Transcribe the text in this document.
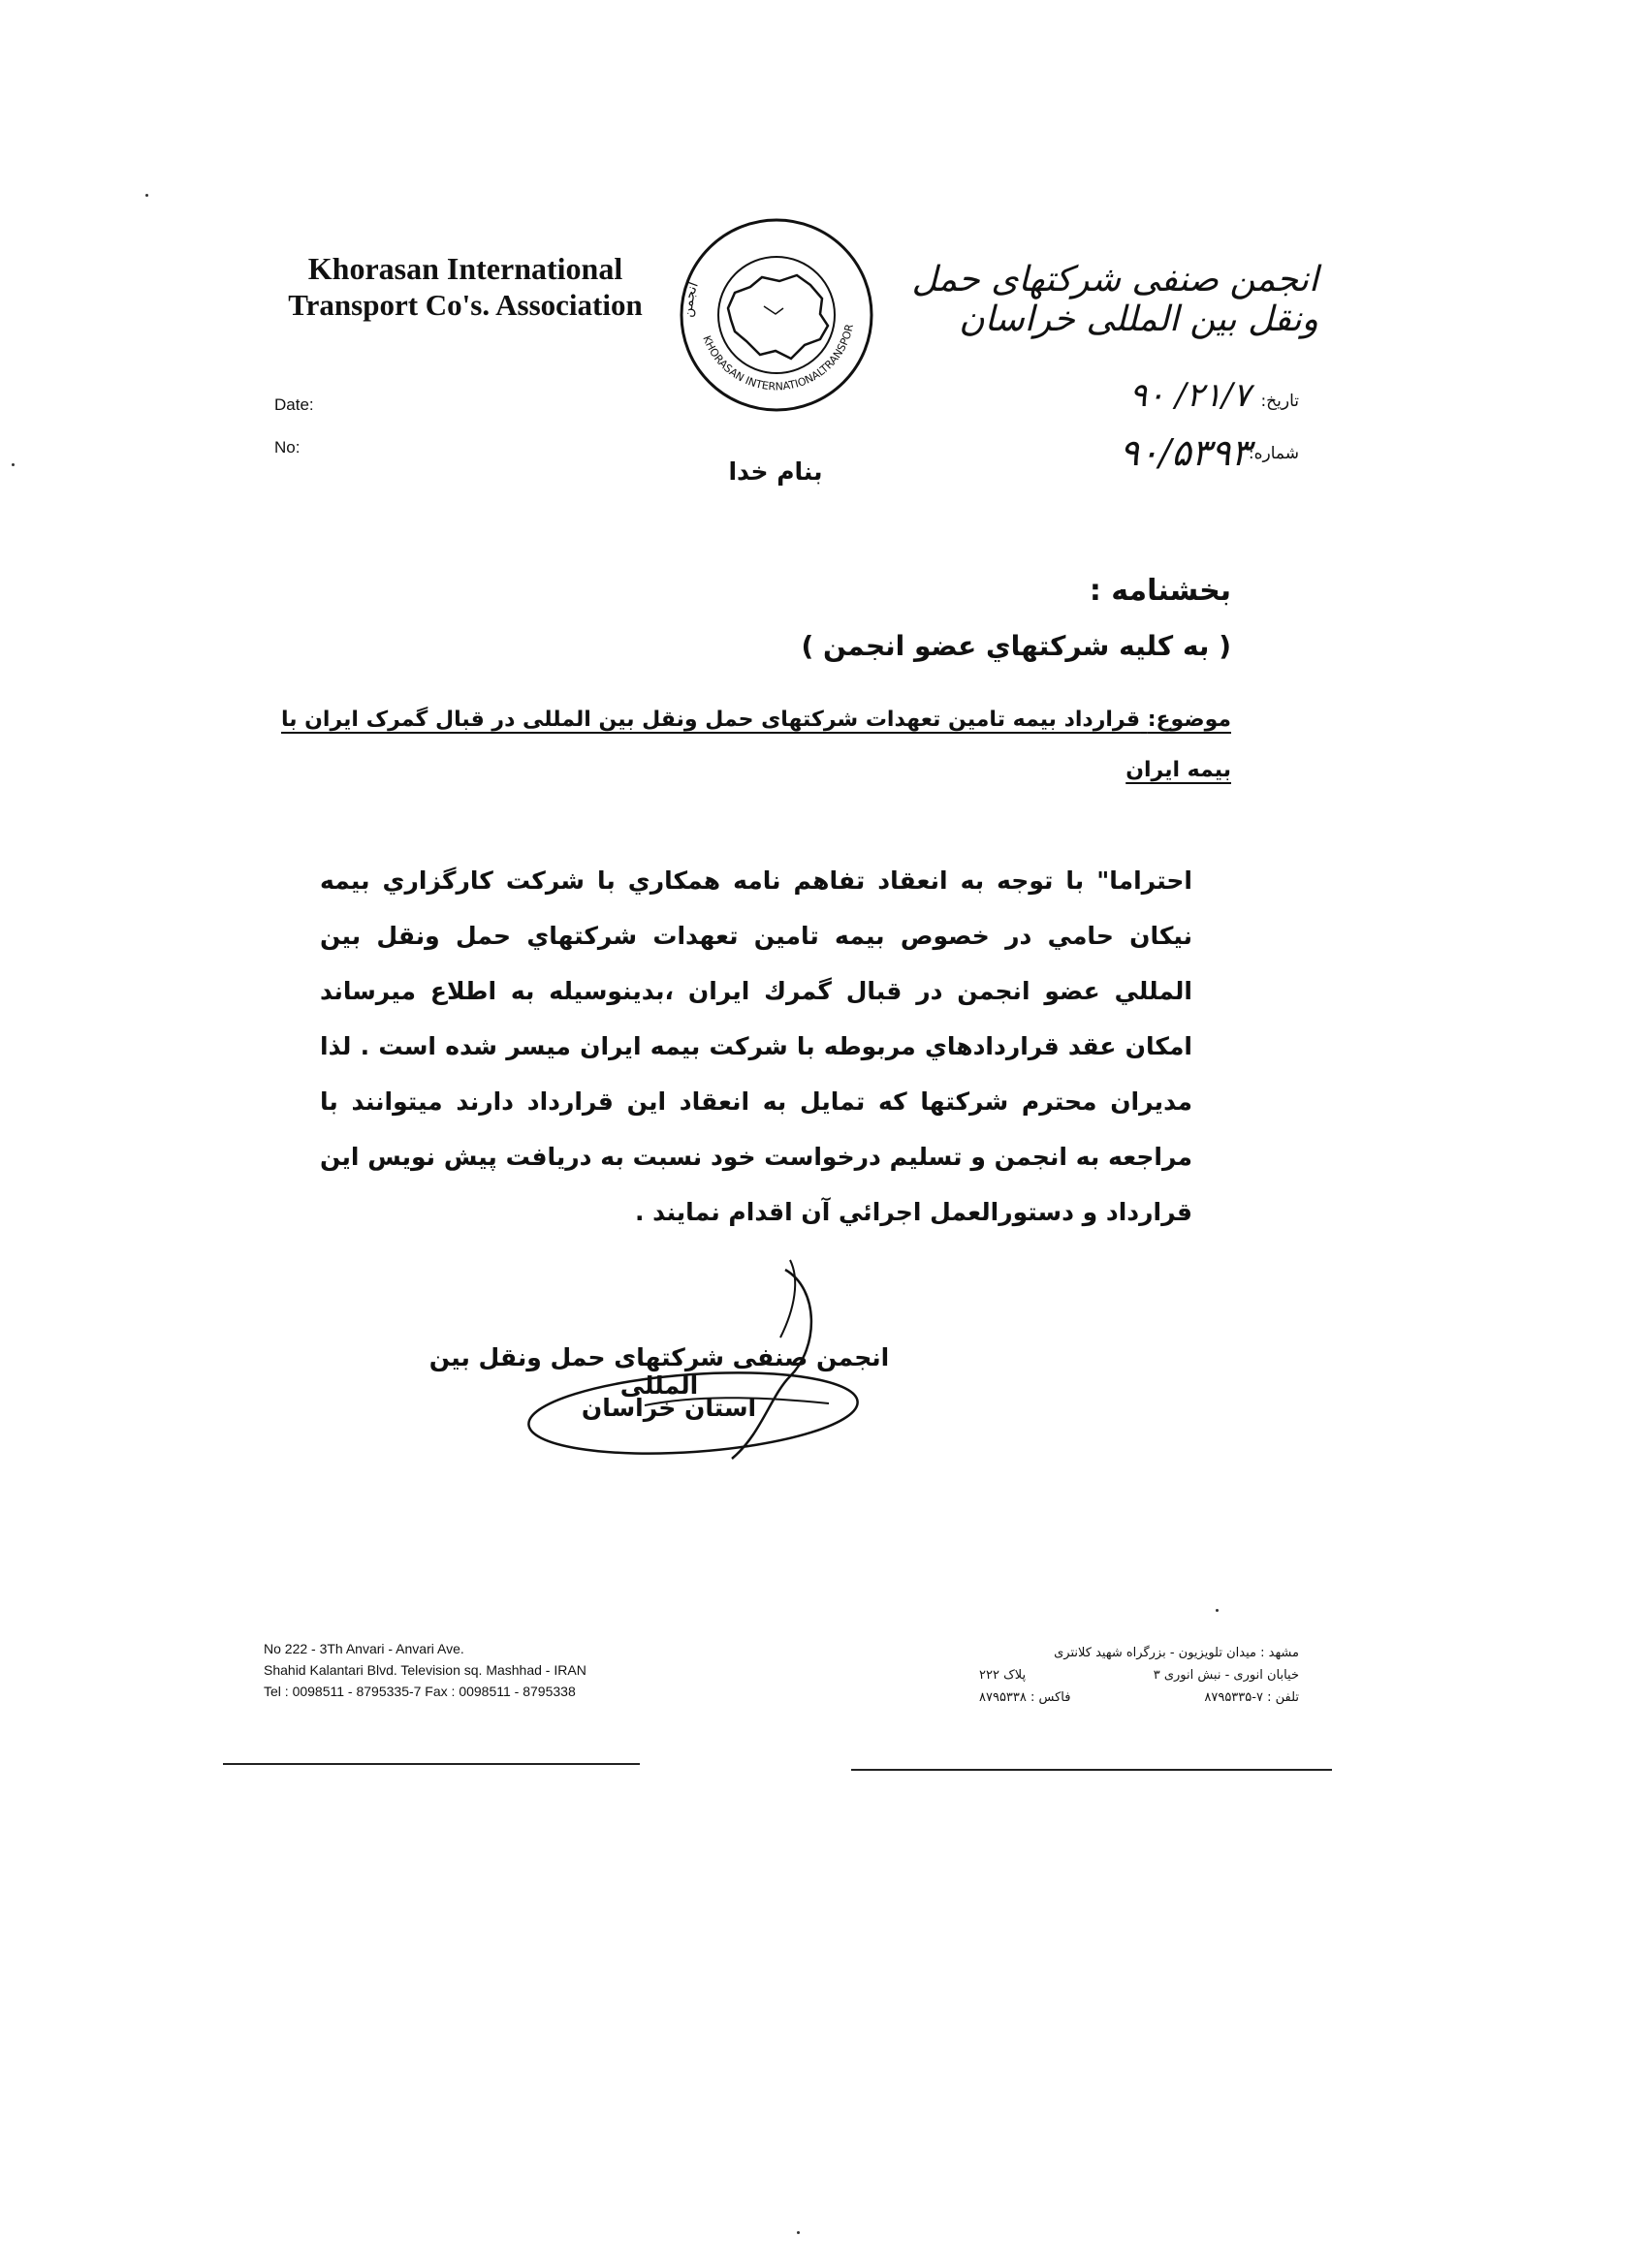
Khorasan International
Transport Co's. Association
KHORASAN INTERNATIONALTRANSPOR
انجمن	انجمن صنفی شرکتهای حمل ونقل بین المللی خراسان
Date:
No:
تاریخ:
شماره:
۲۱/۷/ ۹۰
۹۰/۵۳۹۳
بنام خدا
بخشنامه :
( به كليه شركتهاي عضو انجمن )
موضوع: قرارداد بیمه تامین تعهدات شرکتهای حمل ونقل بین المللی در قبال گمرک ایران با بیمه ایران
احتراما" با توجه به انعقاد تفاهم نامه همكاري با شركت كارگزاري بيمه نيكان حامي در خصوص بيمه تامين تعهدات شركتهاي حمل ونقل بين المللي عضو انجمن در قبال گمرك ايران ،بدينوسيله به اطلاع ميرساند امكان عقد قراردادهاي مربوطه با شركت بيمه ايران ميسر شده است . لذا مديران محترم شركتها كه تمايل به انعقاد اين قرارداد دارند ميتوانند با مراجعه به انجمن و تسليم درخواست خود نسبت به دريافت پيش نويس اين قرارداد و دستورالعمل اجرائي آن اقدام نمايند .
انجمن صنفی شرکتهای حمل ونقل بین المللی
استان خراسان
No 222 - 3Th Anvari - Anvari Ave.
Shahid Kalantari Blvd. Television sq. Mashhad - IRAN
Tel : 0098511 - 8795335-7 Fax : 0098511 - 8795338
مشهد : میدان تلویزیون - بزرگراه شهید کلانتری
خیابان انوری - نبش انوری ۳
پلاک ۲۲۲
تلفن : ۷-۸۷۹۵۳۳۵
فاکس : ۸۷۹۵۳۳۸
